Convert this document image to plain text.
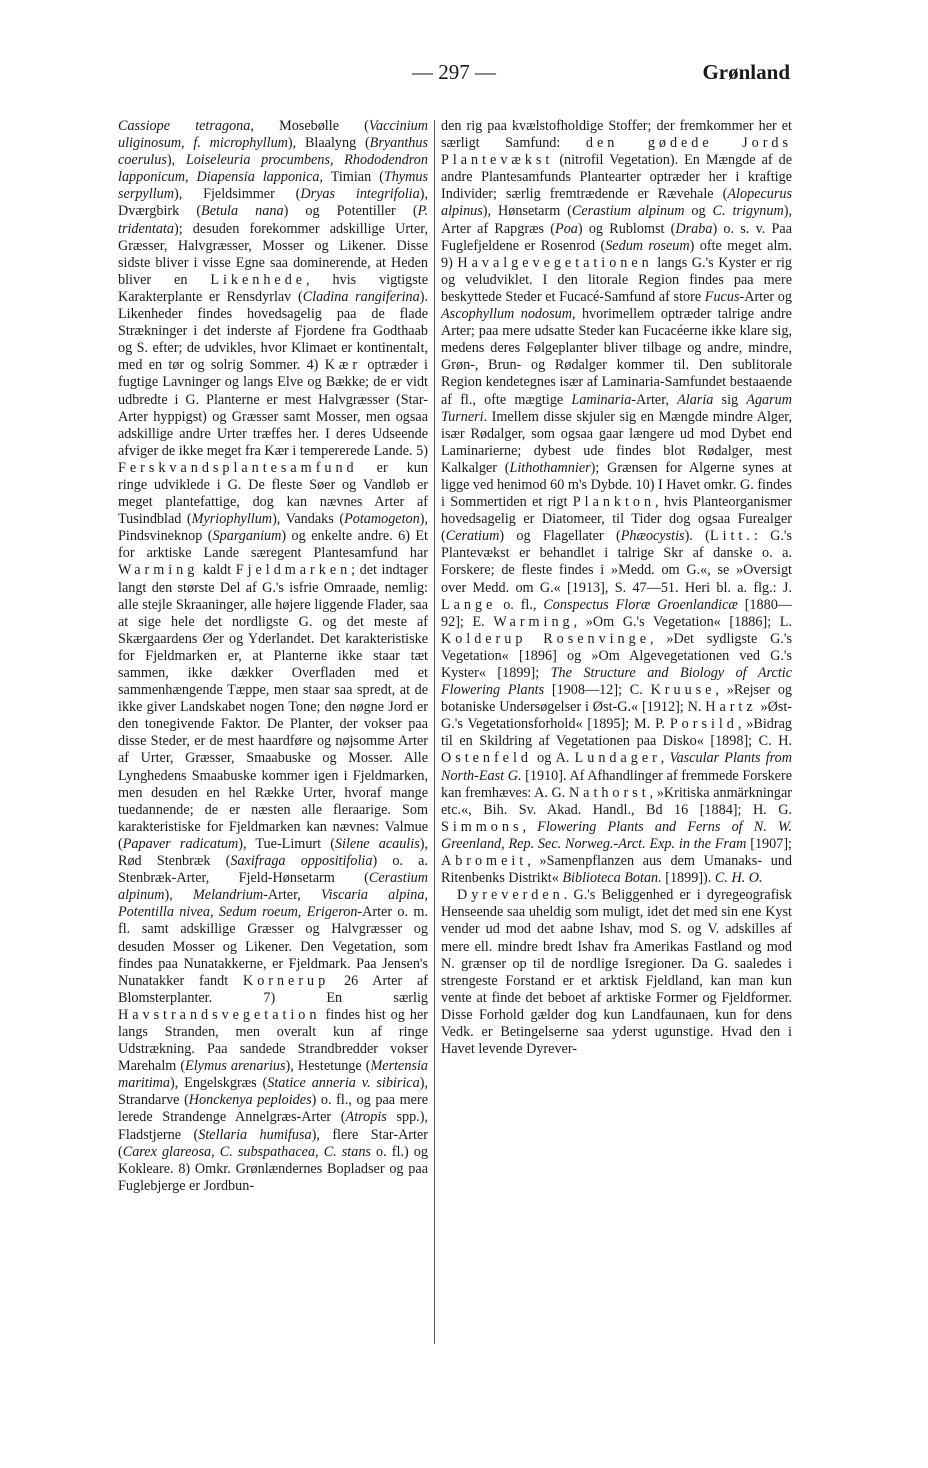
— 297 —	Grønland

Cassiope tetragona, Mosebølle (Vaccinium uliginosum, f. microphyllum), Blaalyng (Bryanthus coerulus), Loiseleuria procumbens, Rhododendron lapponicum, Diapensia lapponica, Timian (Thymus serpyllum), Fjeldsimmer (Dryas integrifolia), Dværgbirk (Betula nana) og Potentiller (P. tridentata); desuden forekommer adskillige Urter, Græsser, Halvgræsser, Mosser og Likener. Disse sidste bliver i visse Egne saa dominerende, at Heden bliver en Likenhede, hvis vigtigste Karakterplante er Rensdyrlav (Cladina rangiferina). Likenheder findes hovedsagelig paa de flade Strækninger i det inderste af Fjordene fra Godthaab og S. efter; de udvikles, hvor Klimaet er kontinentalt, med en tør og solrig Sommer. 4) Kær optræder i fugtige Lavninger og langs Elve og Bække; de er vidt udbredte i G. Planterne er mest Halvgræsser (Star-Arter hyppigst) og Græsser samt Mosser, men ogsaa adskillige andre Urter træffes her. I deres Udseende afviger de ikke meget fra Kær i tempererede Lande. 5) Ferskvandsplantesamfund er kun ringe udviklede i G. De fleste Søer og Vandløb er meget plantefattige, dog kan nævnes Arter af Tusindblad (Myriophyllum), Vandaks (Potamogeton), Pindsvineknop (Sparganium) og enkelte andre. 6) Et for arktiske Lande særegent Plantesamfund har Warming kaldt Fjeldmarken; det indtager langt den største Del af G.'s isfrie Omraade, nemlig: alle stejle Skraaninger, alle højere liggende Flader, saa at sige hele det nordligste G. og det meste af Skærgaardens Øer og Yderlandet. Det karakteristiske for Fjeldmarken er, at Planterne ikke staar tæt sammen, ikke dækker Overfladen med et sammenhængende Tæppe, men staar saa spredt, at de ikke giver Landskabet nogen Tone; den nøgne Jord er den tonegivende Faktor. De Planter, der vokser paa disse Steder, er de mest haardføre og nøjsomme Arter af Urter, Græsser, Smaabuske og Mosser. Alle Lynghedens Smaabuske kommer igen i Fjeldmarken, men desuden en hel Række Urter, hvoraf mange tuedannende; de er næsten alle fleraarige. Som karakteristiske for Fjeldmarken kan nævnes: Valmue (Papaver radicatum), Tue-Limurt (Silene acaulis), Rød Stenbræk (Saxifraga oppositifolia) o. a. Stenbræk-Arter, Fjeld-Hønsetarm (Cerastium alpinum), Melandrium-Arter, Viscaria alpina, Potentilla nivea, Sedum roeum, Erigeron-Arter o. m. fl. samt adskillige Græsser og Halvgræsser og desuden Mosser og Likener. Den Vegetation, som findes paa Nunatakkerne, er Fjeldmark. Paa Jensen's Nunatakker fandt Kornerup 26 Arter af Blomsterplanter. 7) En særlig Havstrandsvegetation findes hist og her langs Stranden, men overalt kun af ringe Udstrækning. Paa sandede Strandbredder vokser Marehalm (Elymus arenarius), Hestetunge (Mertensia maritima), Engelskgræs (Statice anneria v. sibirica), Strandarve (Honckenya peploides) o. fl., og paa mere lerede Strandenge Annelgræs-Arter (Atropis spp.), Fladstjerne (Stellaria humifusa), flere Star-Arter (Carex glareosa, C. subspathacea, C. stans o. fl.) og Kokleare. 8) Omkr. Grønlændernes Bopladser og paa Fuglebjerge er Jordbun-

den rig paa kvælstofholdige Stoffer; der fremkommer her et særligt Samfund: den gødede Jords Plantevækst (nitrofil Vegetation). En Mængde af de andre Plantesamfunds Plantearter optræder her i kraftige Individer; særlig fremtrædende er Rævehale (Alopecurus alpinus), Hønsetarm (Cerastium alpinum og C. trigynum), Arter af Rapgræs (Poa) og Rublomst (Draba) o. s. v. Paa Fuglefjeldene er Rosenrod (Sedum roseum) ofte meget alm. 9) Havalgevegetationen langs G.'s Kyster er rig og veludviklet. I den litorale Region findes paa mere beskyttede Steder et Fucacé-Samfund af store Fucus-Arter og Ascophyllum nodosum, hvorimellem optræder talrige andre Arter; paa mere udsatte Steder kan Fucacéerne ikke klare sig, medens deres Følgeplanter bliver tilbage og andre, mindre, Grøn-, Brun- og Rødalger kommer til. Den sublitorale Region kendetegnes især af Laminaria-Samfundet bestaaende af fl., ofte mægtige Laminaria-Arter, Alaria sig Agarum Turneri. Imellem disse skjuler sig en Mængde mindre Alger, især Rødalger, som ogsaa gaar længere ud mod Dybet end Laminarierne; dybest ude findes blot Rødalger, mest Kalkalger (Lithothamnier); Grænsen for Algerne synes at ligge ved henimod 60 m's Dybde. 10) I Havet omkr. G. findes i Sommertiden et rigt Plankton, hvis Planteorganismer hovedsagelig er Diatomeer, til Tider dog ogsaa Furealger (Ceratium) og Flagellater (Phæocystis). (Litt.: G.'s Plantevækst er behandlet i talrige Skr af danske o. a. Forskere; de fleste findes i »Medd. om G.«, se »Oversigt over Medd. om G.« [1913], S. 47—51. Heri bl. a. flg.: J. Lange o. fl., Conspectus Floræ Groenlandicæ [1880—92]; E. Warming, »Om G.'s Vegetation« [1886]; L. Kolderup Rosenvinge, »Det sydligste G.'s Vegetation« [1896] og »Om Algevegetationen ved G.'s Kyster« [1899]; The Structure and Biology of Arctic Flowering Plants [1908—12]; C. Kruuse, »Rejser og botaniske Undersøgelser i Øst-G.« [1912]; N. Hartz »Øst-G.'s Vegetationsforhold« [1895]; M. P. Porsild, »Bidrag til en Skildring af Vegetationen paa Disko« [1898]; C. H. Ostenfeld og A. Lundager, Vascular Plants from North-East G. [1910]. Af Afhandlinger af fremmede Forskere kan fremhæves: A. G. Nathorst, »Kritiska anmärkningar etc.«, Bih. Sv. Akad. Handl., Bd 16 [1884]; H. G. Simmons, Flowering Plants and Ferns of N. W. Greenland, Rep. Sec. Norweg.-Arct. Exp. in the Fram [1907]; Abromeit, »Samenpflanzen aus dem Umanaks- und Ritenbenks Distrikt« Biblioteca Botan. [1899]). C. H. O.

Dyreverden. G.'s Beliggenhed er i dyregeografisk Henseende saa uheldig som muligt, idet det med sin ene Kyst vender ud mod det aabne Ishav, mod S. og V. adskilles af mere ell. mindre bredt Ishav fra Amerikas Fastland og mod N. grænser op til de nordlige Isregioner. Da G. saaledes i strengeste Forstand er et arktisk Fjeldland, kan man kun vente at finde det beboet af arktiske Former og Fjeldformer. Disse Forhold gælder dog kun Landfaunaen, kun for dens Vedk. er Betingelserne saa yderst ugunstige. Hvad den i Havet levende Dyrever-
